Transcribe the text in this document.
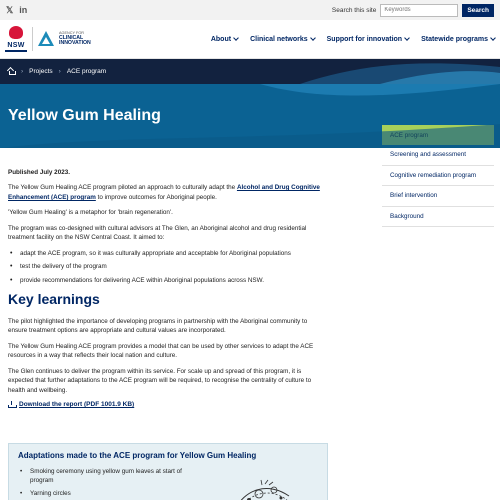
𝕏 in	Search this site
Keywords	Search
NSW
AGENCY FOR
CLINICAL
INNOVATION
About	Clinical networks	Support for innovation	Statewide programs
› Projects › ACE program
Yellow Gum Healing

Published July 2023.

The Yellow Gum Healing ACE program piloted an approach to culturally adapt the Alcohol and Drug Cognitive Enhancement (ACE) program to improve outcomes for Aboriginal people.

'Yellow Gum Healing' is a metaphor for 'brain regeneration'.

The program was co-designed with cultural advisors at The Glen, an Aboriginal alcohol and drug residential treatment facility on the NSW Central Coast. It aimed to:

• adapt the ACE program, so it was culturally appropriate and acceptable for Aboriginal populations
• test the delivery of the program
• provide recommendations for delivering ACE within Aboriginal populations across NSW.
Key learnings

The pilot highlighted the importance of developing programs in partnership with the Aboriginal community to ensure treatment options are appropriate and cultural values are incorporated.

The Yellow Gum Healing ACE program provides a model that can be used by other services to adapt the ACE resources in a way that reflects their local nation and culture.

The Glen continues to deliver the program within its service. For scale up and spread of this program, it is expected that further adaptations to the ACE program will be required, to recognise the centrality of culture to health and wellbeing.

Download the report (PDF 1001.9 KB)
Adaptations made to the ACE program for Yellow Gum Healing
• Smoking ceremony using yellow gum leaves at start of program
• Yarning circles
Screening and assessment
Cognitive remediation program
Brief intervention
Background
